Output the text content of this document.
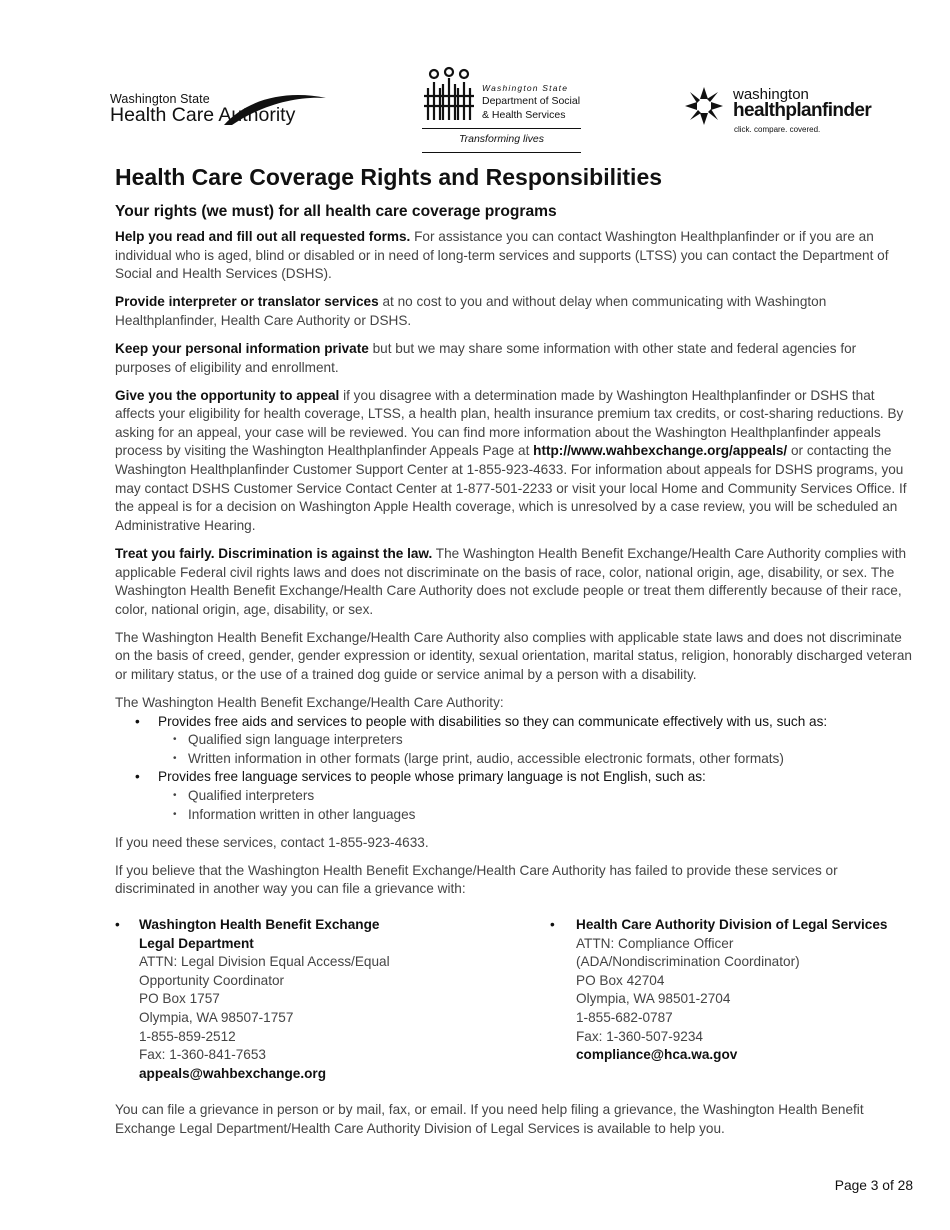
Washington State
Health Care Authority
Washington State
Department of Social
& Health Services
Transforming lives
washington
healthplanfinder
click. compare. covered.
Health Care Coverage Rights and Responsibilities
Your rights (we must) for all health care coverage programs

Help you read and fill out all requested forms. For assistance you can contact Washington Healthplanfinder or if you are an individual who is aged, blind or disabled or in need of long-term services and supports (LTSS) you can contact the Department of Social and Health Services (DSHS).

Provide interpreter or translator services at no cost to you and without delay when communicating with Washington Healthplanfinder, Health Care Authority or DSHS.

Keep your personal information private but but we may share some information with other state and federal agencies for purposes of eligibility and enrollment.

Give you the opportunity to appeal if you disagree with a determination made by Washington Healthplanfinder or DSHS that affects your eligibility for health coverage, LTSS, a health plan, health insurance premium tax credits, or cost-sharing reductions. By asking for an appeal, your case will be reviewed. You can find more information about the Washington Healthplanfinder appeals process by visiting the Washington Healthplanfinder Appeals Page at http://www.wahbexchange.org/appeals/ or contacting the Washington Healthplanfinder Customer Support Center at 1-855-923-4633. For information about appeals for DSHS programs, you may contact DSHS Customer Service Contact Center at 1-877-501-2233 or visit your local Home and Community Services Office. If the appeal is for a decision on Washington Apple Health coverage, which is unresolved by a case review, you will be scheduled an Administrative Hearing.

Treat you fairly. Discrimination is against the law. The Washington Health Benefit Exchange/Health Care Authority complies with applicable Federal civil rights laws and does not discriminate on the basis of race, color, national origin, age, disability, or sex. The Washington Health Benefit Exchange/Health Care Authority does not exclude people or treat them differently because of their race, color, national origin, age, disability, or sex.

The Washington Health Benefit Exchange/Health Care Authority also complies with applicable state laws and does not discriminate on the basis of creed, gender, gender expression or identity, sexual orientation, marital status, religion, honorably discharged veteran or military status, or the use of a trained dog guide or service animal by a person with a disability.

The Washington Health Benefit Exchange/Health Care Authority:

• Provides free aids and services to people with disabilities so they can communicate effectively with us, such as:
• Qualified sign language interpreters
• Written information in other formats (large print, audio, accessible electronic formats, other formats)
• Provides free language services to people whose primary language is not English, such as:
• Qualified interpreters
• Information written in other languages

If you need these services, contact 1-855-923-4633.

If you believe that the Washington Health Benefit Exchange/Health Care Authority has failed to provide these services or discriminated in another way you can file a grievance with:

• Washington Health Benefit Exchange
Legal Department
ATTN: Legal Division Equal Access/Equal
Opportunity Coordinator
PO Box 1757
Olympia, WA 98507-1757
1-855-859-2512
Fax: 1-360-841-7653
appeals@wahbexchange.org
• Health Care Authority Division of Legal Services
ATTN: Compliance Officer
(ADA/Nondiscrimination Coordinator)
PO Box 42704
Olympia, WA 98501-2704
1-855-682-0787
Fax: 1-360-507-9234
compliance@hca.wa.gov

You can file a grievance in person or by mail, fax, or email. If you need help filing a grievance, the Washington Health Benefit Exchange Legal Department/Health Care Authority Division of Legal Services is available to help you.

Page 3 of 28
